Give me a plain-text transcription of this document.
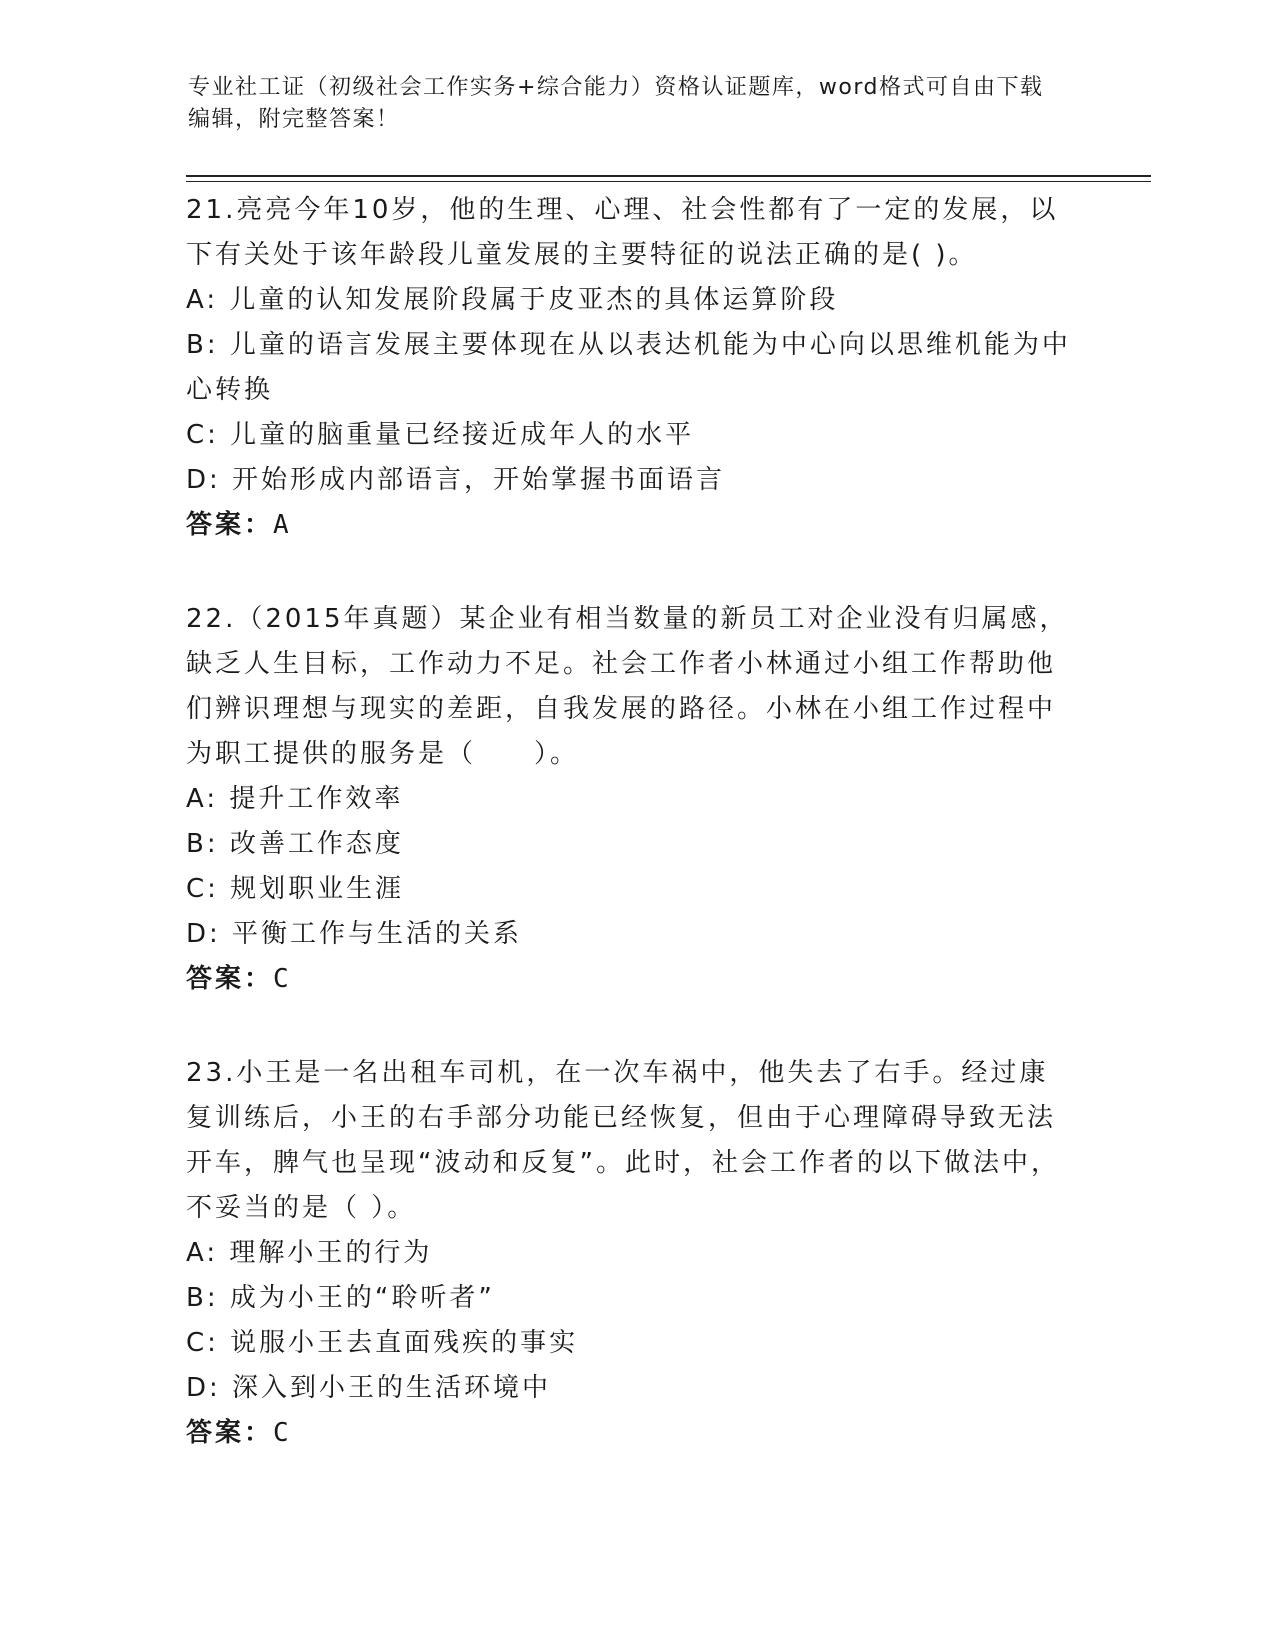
专业社工证（初级社会工作实务+综合能力）资格认证题库，word格式可自由下载
编辑，附完整答案！

21.亮亮今年10岁，他的生理、心理、社会性都有了一定的发展，以下有关处于该年龄段儿童发展的主要特征的说法正确的是( )。

A: 儿童的认知发展阶段属于皮亚杰的具体运算阶段

B: 儿童的语言发展主要体现在从以表达机能为中心向以思维机能为中心转换

C: 儿童的脑重量已经接近成年人的水平

D: 开始形成内部语言，开始掌握书面语言

答案：A

22.（2015年真题）某企业有相当数量的新员工对企业没有归属感，缺乏人生目标，工作动力不足。社会工作者小林通过小组工作帮助他们辨识理想与现实的差距，自我发展的路径。小林在小组工作过程中为职工提供的服务是（　　）。

A: 提升工作效率

B: 改善工作态度

C: 规划职业生涯

D: 平衡工作与生活的关系

答案：C

23.小王是一名出租车司机，在一次车祸中，他失去了右手。经过康复训练后，小王的右手部分功能已经恢复，但由于心理障碍导致无法开车，脾气也呈现“波动和反复”。此时，社会工作者的以下做法中，不妥当的是（ ）。

A: 理解小王的行为

B: 成为小王的“聆听者”

C: 说服小王去直面残疾的事实

D: 深入到小王的生活环境中

答案：C
